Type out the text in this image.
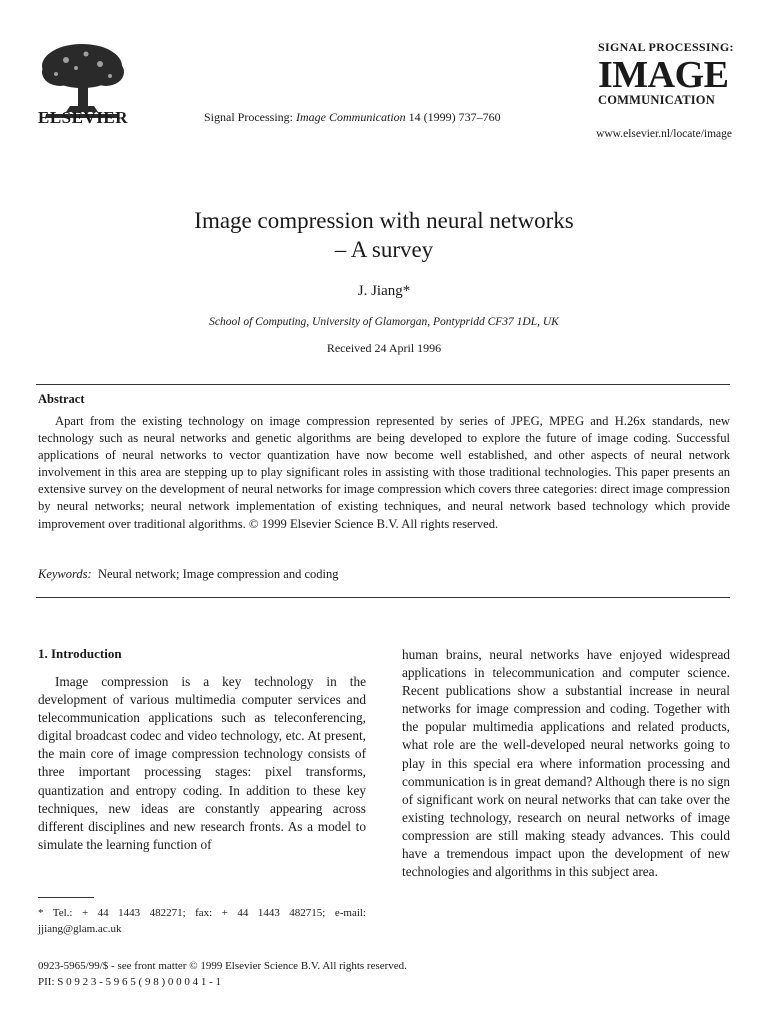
ELSEVIER	Signal Processing: Image Communication 14 (1999) 737–760
SIGNAL PROCESSING:
IMAGE
COMMUNICATION
www.elsevier.nl/locate/image
Image compression with neural networks
– A survey
J. Jiang*
School of Computing, University of Glamorgan, Pontypridd CF37 1DL, UK
Received 24 April 1996
Abstract
Apart from the existing technology on image compression represented by series of JPEG, MPEG and H.26x standards, new technology such as neural networks and genetic algorithms are being developed to explore the future of image coding. Successful applications of neural networks to vector quantization have now become well established, and other aspects of neural network involvement in this area are stepping up to play significant roles in assisting with those traditional technologies. This paper presents an extensive survey on the development of neural networks for image compression which covers three categories: direct image compression by neural networks; neural network implementation of existing techniques, and neural network based technology which provide improvement over traditional algorithms. © 1999 Elsevier Science B.V. All rights reserved.
Keywords: Neural network; Image compression and coding
1. Introduction
Image compression is a key technology in the development of various multimedia computer services and telecommunication applications such as teleconferencing, digital broadcast codec and video technology, etc. At present, the main core of image compression technology consists of three important processing stages: pixel transforms, quantization and entropy coding. In addition to these key techniques, new ideas are constantly appearing across different disciplines and new research fronts. As a model to simulate the learning function of
human brains, neural networks have enjoyed widespread applications in telecommunication and computer science. Recent publications show a substantial increase in neural networks for image compression and coding. Together with the popular multimedia applications and related products, what role are the well-developed neural networks going to play in this special era where information processing and communication is in great demand? Although there is no sign of significant work on neural networks that can take over the existing technology, research on neural networks of image compression are still making steady advances. This could have a tremendous impact upon the development of new technologies and algorithms in this subject area.
* Tel.: + 44 1443 482271; fax: + 44 1443 482715; e-mail: jjiang@glam.ac.uk
0923-5965/99/$ - see front matter © 1999 Elsevier Science B.V. All rights reserved.
PII: S 0 9 2 3 - 5 9 6 5 ( 9 8 ) 0 0 0 4 1 - 1
